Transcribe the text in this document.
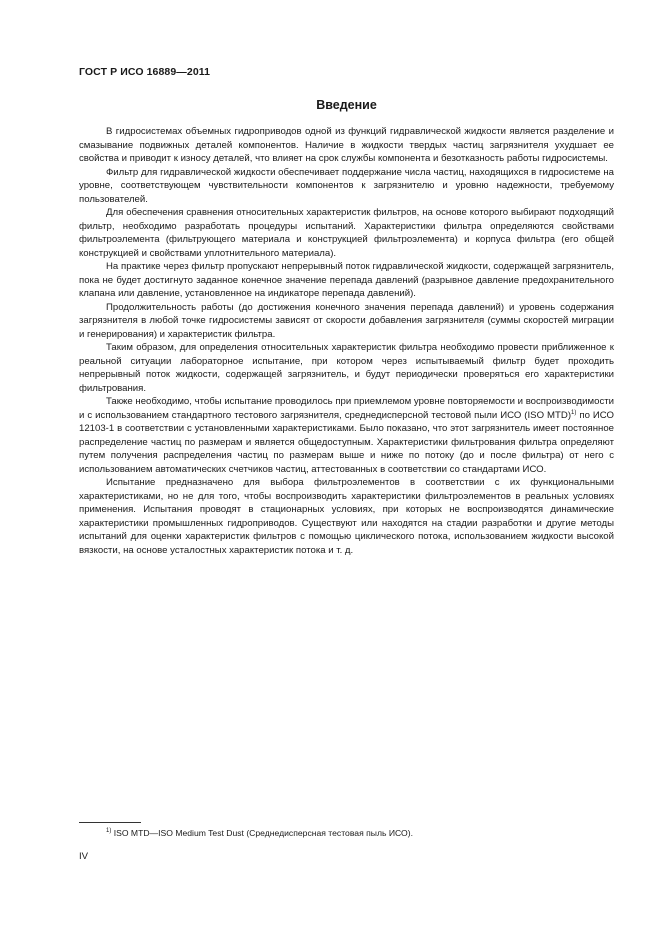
ГОСТ Р ИСО 16889—2011
Введение

В гидросистемах объемных гидроприводов одной из функций гидравлической жидкости является разделение и смазывание подвижных деталей компонентов. Наличие в жидкости твердых частиц загрязнителя ухудшает ее свойства и приводит к износу деталей, что влияет на срок службы компонента и безотказность работы гидросистемы.

Фильтр для гидравлической жидкости обеспечивает поддержание числа частиц, находящихся в гидросистеме на уровне, соответствующем чувствительности компонентов к загрязнителю и уровню надежности, требуемому пользователей.

Для обеспечения сравнения относительных характеристик фильтров, на основе которого выбирают подходящий фильтр, необходимо разработать процедуры испытаний. Характеристики фильтра определяются свойствами фильтроэлемента (фильтрующего материала и конструкцией фильтроэлемента) и корпуса фильтра (его общей конструкцией и свойствами уплотнительного материала).

На практике через фильтр пропускают непрерывный поток гидравлической жидкости, содержащей загрязнитель, пока не будет достигнуто заданное конечное значение перепада давлений (разрывное давление предохранительного клапана или давление, установленное на индикаторе перепада давлений).

Продолжительность работы (до достижения конечного значения перепада давлений) и уровень содержания загрязнителя в любой точке гидросистемы зависят от скорости добавления загрязнителя (суммы скоростей миграции и генерирования) и характеристик фильтра.

Таким образом, для определения относительных характеристик фильтра необходимо провести приближенное к реальной ситуации лабораторное испытание, при котором через испытываемый фильтр будет проходить непрерывный поток жидкости, содержащей загрязнитель, и будут периодически проверяться его характеристики фильтрования.

Также необходимо, чтобы испытание проводилось при приемлемом уровне повторяемости и воспроизводимости и с использованием стандартного тестового загрязнителя, среднедисперсной тестовой пыли ИСО (ISO MTD)$^{1)}$ по ИСО 12103-1 в соответствии с установленными характеристиками. Было показано, что этот загрязнитель имеет постоянное распределение частиц по размерам и является общедоступным. Характеристики фильтрования фильтра определяют путем получения распределения частиц по размерам выше и ниже по потоку (до и после фильтра) от него с использованием автоматических счетчиков частиц, аттестованных в соответствии со стандартами ИСО.

Испытание предназначено для выбора фильтроэлементов в соответствии с их функциональными характеристиками, но не для того, чтобы воспроизводить характеристики фильтроэлементов в реальных условиях применения. Испытания проводят в стационарных условиях, при которых не воспроизводятся динамические характеристики промышленных гидроприводов. Существуют или находятся на стадии разработки и другие методы испытаний для оценки характеристик фильтров с помощью циклического потока, использованием жидкости высокой вязкости, на основе усталостных характеристик потока и т. д.

$^{1)}$ ISO MTD—ISO Medium Test Dust (Среднедисперсная тестовая пыль ИСО).
IV
